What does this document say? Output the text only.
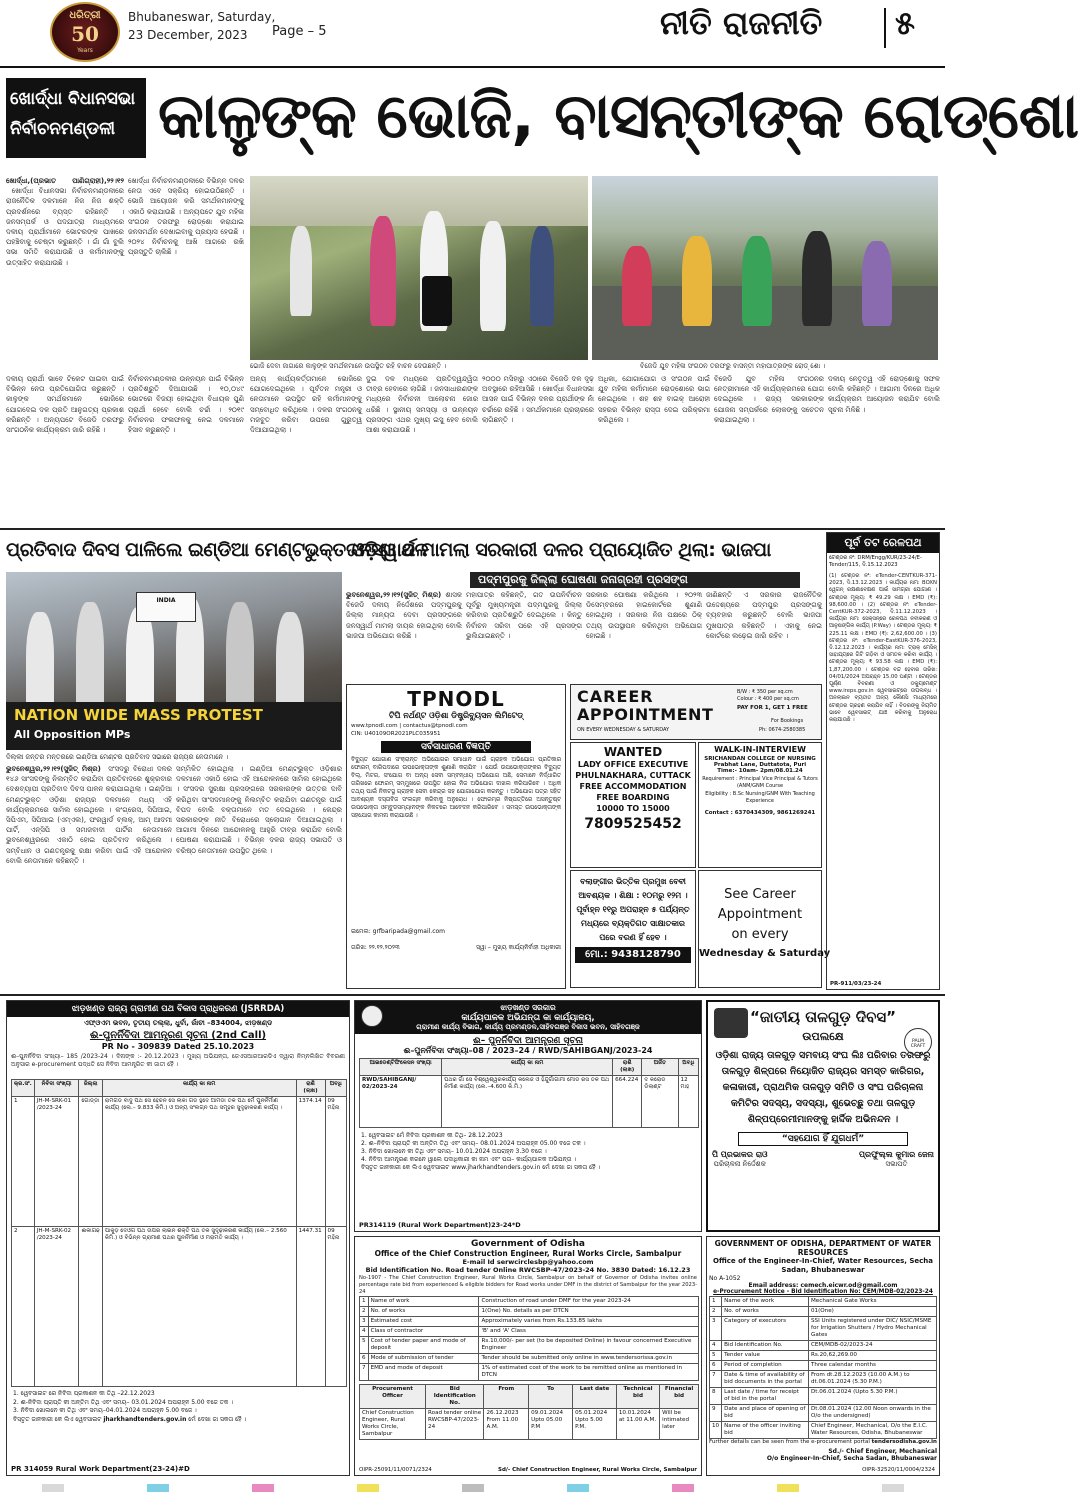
ଧରିତ୍ରୀ
50
Years
Bhubaneswar, Saturday,
23 December, 2023 Page – 5	ନୀତି ରାଜନୀତି	୫
ଖୋର୍ଦ୍ଧା ବିଧାନସଭା
ନିର୍ବାଚନମଣ୍ଡଳୀ କାଳୁଙ୍କ ଭୋଜି, ବାସନ୍ତୀଙ୍କ ରୋଡ୍‌ଶୋ
ଖୋର୍ଦ୍ଧା,(ପ୍ରଭାତ ପାଣିଗ୍ରାହୀ),୨୨।୧୨  ଖୋର୍ଦ୍ଧା ବିଧାନସଭା ନିର୍ବାଚନମଣ୍ଡଳୀରେ ରାଜନୈତିକ ଦଳମାନେ ନିଜ ନିଜ ଶକ୍ତି ପ୍ରଦର୍ଶନରେ ବ୍ୟସ୍ତ ରହିଛନ୍ତି । ଜନସମ୍ପର୍କ ଓ ପଦଯାତ୍ରା ମାଧ୍ୟମରେ ଦଳୀୟ ପ୍ରାର୍ଥୀମାନେ ଭୋଟରଙ୍କ ପାଖରେ ପହଞ୍ଚିବାକୁ ଚେଷ୍ଟା କରୁଛନ୍ତି । ଗାଁ ଗାଁ ବୁଲି ସଭା ସମିତି କରାଯାଉଛି ଓ କର୍ମୀମାନଙ୍କୁ ଉତ୍ସାହିତ କରାଯାଉଛି ।
ଖୋର୍ଦ୍ଧା ନିର୍ବାଚନମଣ୍ଡଳୀରେ ବିଭିନ୍ନ ଦଳର ନେତା ଏବେ ସକ୍ରିୟ ହୋଇଉଠିଛନ୍ତି । ଭୋଜି ଆୟୋଜନ କରି ସମର୍ଥକମାନଙ୍କୁ ଏକାଠି କରାଯାଉଛି । ଅନ୍ୟପଟେ ଯୁବ ମହିଳା ସଂଗଠନ ତରଫରୁ ରୋଡ୍‌ଶୋ କରାଯାଇ ଜନସମର୍ଥନ ଦେଖାଇବାକୁ ପ୍ରୟାସ ହେଉଛି । ୨୦୨୪ ନିର୍ବାଚନକୁ ଆଖି ଆଗରେ ରଖି ପ୍ରସ୍ତୁତି ଚାଲିଛି ।
ଭୋଜି ଦେବା ଜାଗାରେ କାଳୁଙ୍କ ସମର୍ଥକମାନେ ଉପସ୍ଥିତ ରହି ବାଚନ ଦେଉଛନ୍ତି ।	ବିଜେଡି ଯୁବ ମହିଳା ସଂଗଠନ ତରଫରୁ ବାସନ୍ତୀ ମହାପାତ୍ରଙ୍କ ରୋଡ୍ ଶୋ ।
ଦଳୀୟ ପ୍ରାର୍ଥୀ ଭାବେ ଟିକେଟ ପାଇବା ପାଇଁ ବିଭିନ୍ନ ନେତା ପ୍ରତିଯୋଗିତା କରୁଛନ୍ତି । କାଳୁଙ୍କ ସମର୍ଥକମାନେ ଭୋଜିରେ ଯୋଗଦେଇ ଦଳ ପ୍ରତି ଆନୁଗତ୍ୟ ପ୍ରକାଶ କରିଛନ୍ତି । ଅନ୍ୟପଟେ ବିଜେଡି ତରଫରୁ ସାଂଗଠନିକ କାର୍ଯ୍ୟକ୍ରମ ଜାରି ରହିଛି ।
ନିର୍ବାଚନମଣ୍ଡଳୀର ଉନ୍ନୟନ ପାଇଁ ବିଭିନ୍ନ ପ୍ରତିଶ୍ରୁତି ଦିଆଯାଉଛି । ୧୦,୦୪୯ ଭୋଟରେ ବିଜୟୀ ହୋଇଥିବା ବିଧାୟକ ପୁଣି ପ୍ରାର୍ଥୀ ହେବେ ବୋଲି ଚର୍ଚ୍ଚା । ୨୦୧୯ ନିର୍ବାଚନର ଫଳାଫଳକୁ ନେଇ ଦଳମାନେ ହିସାବ କରୁଛନ୍ତି ।
ଅନ୍ୟ କାର୍ଯ୍ୟକର୍ତ୍ତାମାନେ ଭୋଜିରେ ଯୋଗଦେଇଥିଲେ । ପୂର୍ବତନ ମନ୍ତ୍ରୀ ଓ ନେତାମାନେ ଉପସ୍ଥିତ ରହି କର୍ମୀମାନଙ୍କୁ ସମ୍ବୋଧିତ କରିଥିଲେ । ଦଳର ସଂଗଠନକୁ ମଜବୁତ କରିବା ଉପରେ ଗୁରୁତ୍ୱ ଦିଆଯାଇଥିଲା ।
ଦୁଇ ଦଳ ମଧ୍ୟରେ ପ୍ରତିଦ୍ୱନ୍ଦ୍ୱିତା ତୀବ୍ର ହେବାରେ ଲାଗିଛି । ଜନସାଧାରଣଙ୍କ ମଧ୍ୟରେ ନିର୍ବାଚନୀ ଆଲୋଚନା ଜୋର ଧରିଛି । ସ୍ଥାନୀୟ ସମସ୍ୟା ଓ ଉନ୍ନୟନ ପ୍ରସଙ୍ଗ ଏଥର ମୁଖ୍ୟ ଇସୁ ହେବ ବୋଲି ଆଶା କରାଯାଉଛି ।
୨୦୦୦ ମସିହାରୁ ଏଠାରେ ବିଜେଡି ଦଳ ଦୃଢ଼ ଅବସ୍ଥାରେ ରହିଆସିଛି । ଖୋର୍ଦ୍ଧା ବିଧାନସଭା ଆସନ ପାଇଁ ବିଭିନ୍ନ ଦଳର ପ୍ରାର୍ଥୀଙ୍କ ନାଁ ଚର୍ଚ୍ଚାରେ ରହିଛି । ସମର୍ଥକମାନେ ପ୍ରଚାରରେ ଲାଗିଛନ୍ତି ।
ଅଧିକା, ଯୋଗାଯୋଗ ଓ ସଂଗଠନ ପାଇଁ ଯୁବ ମହିଳା କର୍ମୀମାନେ ରୋଡ୍‌ଶୋରେ ଭାଗ ନେଇଥିଲେ । ଶହ ଶହ ବାଇକ୍ ଆରୋହୀ ସହରର ବିଭିନ୍ନ ରାସ୍ତା ଦେଇ ପରିକ୍ରମା କରିଥିଲେ ।
ବିଜେଡି ଯୁବ ମହିଳା ସଂଗଠନର ନେତ୍ରୀମାନେ ଏହି କାର୍ଯ୍ୟକ୍ରମରେ ଯୋଗ ଦେଇଥିଲେ । ରାଜ୍ୟ ସରକାରଙ୍କ ଯୋଜନା ସମ୍ପର୍କରେ ଲୋକଙ୍କୁ ସଚେତନ କରାଯାଇଥିଲା ।
ଦଳୀୟ ନେତୃତ୍ୱ ଏହି ରୋଡ୍‌ଶୋକୁ ସଫଳ ବୋଲି କହିଛନ୍ତି । ଆଗାମୀ ଦିନରେ ଅଧିକ କାର୍ଯ୍ୟକ୍ରମ ଆୟୋଜନ କରାଯିବ ବୋଲି ସୂଚନା ମିଳିଛି ।
ପ୍ରତିବାଦ ଦିବସ ପାଳିଲେ ଇଣ୍ଡିଆ ମେଣ୍ଟଭୁକ୍ତ ଓଡ଼ିଶା ଦଳ
INDIA
NATION WIDE MASS PROTEST
All Opposition MPs
ଦିଲ୍ଲୀ ଜନ୍ତର ମନ୍ତରରେ ଇଣ୍ଡିଆ ମେଣ୍ଟର ପ୍ରତିବାଦ ସଭାରେ ରାଜ୍ୟର ନେତାମାନେ ।
ଭୁବନେଶ୍ୱର,୨୨।୧୨(ସୁଜିତ୍ ମିଶ୍ର)  ସଂସଦରୁ ବିରୋଧୀ ଦଳର ୧୪୬ ସାଂସଦଙ୍କୁ ନିଲମ୍ବିତ କରାଯିବା ପ୍ରତିବାଦରେ ଶୁକ୍ରବାର ଦେଶବ୍ୟାପୀ ପ୍ରତିବାଦ ଦିବସ ପାଳନ କରାଯାଇଥିଲା । ଇଣ୍ଡିଆ ମେଣ୍ଟଭୁକ୍ତ ଓଡ଼ିଶା ରାଜ୍ୟର ଦଳମାନେ ମଧ୍ୟ ଏହି କାର୍ଯ୍ୟକ୍ରମରେ ସାମିଲ ହୋଇଥିଲେ । କଂଗ୍ରେସ, ସିପିଆଇ, ସିପିଏମ, ସିପିଆଇ (ଏମ୍ଏଲ), ଫରୱାର୍ଡ ବ୍ଲକ୍, ଆମ୍ ଆଦମୀ ପାର୍ଟି, ଏନ୍‌ସିପି ଓ ସମାଜବାଦୀ ପାର୍ଟିର ନେତାମାନେ ଭୁବନେଶ୍ୱରରେ ଏକାଠି ହୋଇ ପ୍ରତିବାଦ କରିଥିଲେ । ସମ୍ବିଧାନ ଓ ଗଣତନ୍ତ୍ରକୁ ରକ୍ଷା କରିବା ପାଇଁ ଏହି ଆନ୍ଦୋଳନ ବୋଲି ନେତାମାନେ କହିଛନ୍ତି ।
ସମ୍ମିଳିତ ହୋଇଥିଲା । ଇଣ୍ଡିଆ ମେଣ୍ଟଭୁକ୍ତ ଓଡ଼ିଶାର ଦଳମାନେ ଏକାଠି ହୋଇ ଏହି ଆନ୍ଦୋଳନରେ ସାମିଲ ହୋଇଥିଲେ । ସଂସଦର ସୁରକ୍ଷା ପ୍ରସଙ୍ଗରେ ସରକାରଙ୍କ ଉତ୍ତର ଦାବି କରିଥିବା ସାଂସଦମାନଙ୍କୁ ନିଲମ୍ବିତ କରାଯିବା ଗଣତନ୍ତ୍ର ପାଇଁ ବିପଦ ବୋଲି ବକ୍ତାମାନେ ମତ ଦେଇଥିଲେ । କେନ୍ଦ୍ର ସରକାରଙ୍କ ନୀତି ବିରୋଧରେ ସ୍ଲୋଗାନ ଦିଆଯାଇଥିଲା । ଆଗାମୀ ଦିନରେ ଆନ୍ଦୋଳନକୁ ଆହୁରି ତୀବ୍ର କରାଯିବ ବୋଲି ଘୋଷଣା କରାଯାଇଛି । ବିଭିନ୍ନ ଦଳର ରାଜ୍ୟ ସଭାପତି ଓ ବରିଷ୍ଠ ନେତାମାନେ ଉପସ୍ଥିତ ଥିଲେ ।
ଜନସ୍ୱାର୍ଥ ମାମଲା ସରକାରୀ ଦଳର ପ୍ରାୟୋଜିତ ଥିଲା: ଭାଜପା
ପଦ୍ମପୁରକୁ ଜିଲ୍ଲା ଘୋଷଣା ଜନାଗ୍ରହୀ ପ୍ରସଙ୍ଗ
ଭୁବନେଶ୍ୱର,୨୨।୧୨(ସୁଜିତ୍ ମିଶ୍ର) ଶାସକ ବିଜେଡି ଦଳୀୟ ନିର୍ଦ୍ଦେଶରେ ପଦ୍ମପୁରକୁ ଜିଲ୍ଲା ମାନ୍ୟତା ଦେବା ପ୍ରସଙ୍ଗରେ ଜନସ୍ୱାର୍ଥ ମାମଲା ଦାୟର ହୋଇଥିଲା ବୋଲି ଭାଜପା ଅଭିଯୋଗ କରିଛି ।
ମହାପାତ୍ର କହିଛନ୍ତି, ଗତ ଉପନିର୍ବାଚନ ପୂର୍ବରୁ ମୁଖ୍ୟମନ୍ତ୍ରୀ ପଦ୍ମପୁରକୁ ଜିଲ୍ଲା କରିବାର ପ୍ରତିଶ୍ରୁତି ଦେଇଥିଲେ । କିନ୍ତୁ ନିର୍ବାଚନ ସରିବା ପରେ ଏହି ପ୍ରସଙ୍ଗ ଭୁଲିଯାଇଛନ୍ତି ।
ସରକାର ଘୋଷଣା କରିଥିଲେ । ୨୦୨୩ ଡିସେମ୍ବରରେ ହାଇକୋର୍ଟରେ ଶୁଣାଣି ହୋଇଥିଲା । ସରକାର ନିଜ ପକ୍ଷରେ ଠିକ୍ ତଥ୍ୟ ଉପସ୍ଥାପନ କରିନଥିବା ଅଭିଯୋଗ ହୋଇଛି ।
ଜାଣିଛନ୍ତି ଏ ସରକାର ରାଜନୈତିକ ଉଦ୍ଦେଶ୍ୟରେ ପଦ୍ମପୁର ପ୍ରସଙ୍ଗକୁ ବ୍ୟବହାର କରୁଛନ୍ତି ବୋଲି ଭାଜପା ମୁଖପାତ୍ର କହିଛନ୍ତି । ଏହାକୁ ନେଇ କୋର୍ଟରେ ଲଢ଼େଇ ଜାରି ରହିବ ।
TPNODL
ଟିପି ନର୍ଥଣ୍ଟ ଓଡ଼ିଶା ଡିଷ୍ଟ୍ରିବ୍ୟୁସନ ଲିମିଟେଡ୍
www.tpnodl.com | contactus@tpnodl.com
CIN: U40109OR2021PLC035951
ସର୍ବସାଧାରଣ ବିଜ୍ଞପ୍ତି
ବିଦ୍ୟୁତ ଯୋଗାଣ ସଂକ୍ରାନ୍ତ ଅଭିଯୋଗର ସମାଧାନ ପାଇଁ ଗ୍ରାହକ ଅଭିଯୋଗ ପ୍ରତିକାର ଫୋରମ୍ ବାରିପଦାରେ ଉପଭୋକ୍ତାଙ୍କ ଶୁଣାଣି କରାଯିବ । ଯେଉଁ ଉପଭୋକ୍ତାଙ୍କର ବିଦ୍ୟୁତ ବିଲ୍, ମିଟର, ସଂଯୋଗ ବା ଅନ୍ୟ ସେବା ସମ୍ବନ୍ଧୀୟ ଅଭିଯୋଗ ଅଛି, ସେମାନେ ନିର୍ଦ୍ଧାରିତ ତାରିଖରେ ଫୋରମ୍ ସମ୍ମୁଖରେ ଉପସ୍ଥିତ ହୋଇ ନିଜ ଅଭିଯୋଗ ଦାଖଲ କରିପାରିବେ । ଅଧିକ ତଥ୍ୟ ପାଇଁ ନିକଟସ୍ଥ ଗ୍ରାହକ ସେବା କେନ୍ଦ୍ର ସହ ଯୋଗାଯୋଗ କରନ୍ତୁ । ଅଭିଯୋଗ ପତ୍ର ସହିତ ଆବଶ୍ୟକ ଦସ୍ତାବିଜ ସଂଲଗ୍ନ କରିବାକୁ ଅନୁରୋଧ । ଫୋରମ୍‌ର ନିଷ୍ପତ୍ତିରେ ଅସନ୍ତୁଷ୍ଟ ଉପଭୋକ୍ତା ଓମ୍ବୁଡସମ୍ୟାନଙ୍କ ନିକଟରେ ଆବେଦନ କରିପାରିବେ । ସମସ୍ତ ଉପଭୋକ୍ତାଙ୍କ ସହଯୋଗ କାମନା କରାଯାଉଛି ।
ଇମେଲ: grfbaripada@gmail.com
ତାରିଖ: ୨୨.୧୨.୨୦୨୩	ସ୍ୱା – ମୁଖ୍ୟ କାର୍ଯ୍ୟନିର୍ବାହୀ ଅଧିକାରୀ
CAREER
APPOINTMENT
ON EVERY WEDNESDAY & SATURDAY
B/W : ₹ 350 per sq.cm
Colour : ₹ 400 per sq.cm
PAY FOR 1, GET 1 FREE
For Bookings
Ph: 0674-2580385
WANTED
LADY OFFICE EXECUTIVE
PHULNAKHARA, CUTTACK
FREE ACCOMMODATION
FREE BOARDING
10000 TO 15000
7809525452
WALK-IN-INTERVIEW
SRICHANDAN COLLEGE OF NURSING
Prabhat Lane, Duttatota, Puri
Time:- 10am- 2pm/08.01.24
Requirement : Principal Vice Principal & Tutors (ANM/GNM Course
Eligibility : B.Sc Nursing/GNM With Teaching Experience
Contact : 6370434309, 9861269241
ବଲାଙ୍ଗୀର ଭିତ୍ତିକ ପ୍ରମୁଖ ବେବୀ
ଆବଶ୍ୟକ । ଶିକ୍ଷା : ୧୦ମରୁ ୧୨ମ ।
ପୂର୍ବାହ୍ନ ୧୧ରୁ ଅପରାହ୍ନ ୫ ପର୍ଯ୍ୟନ୍ତ
ମଧ୍ୟରେ ବ୍ୟକ୍ତିଗତ ସାକ୍ଷାତକାର
ପରେ ବରଣ ହିଁ ହେବ ।
ମୋ.: 9438128790
See Career
Appointment
on every
Wednesday & Saturday
ପୂର୍ବ ତଟ ରେଳପଥ
ଟେଣ୍ଡର ନଂ: DRM/Engg/KUR/23-24/E-Tender/115, ଦି.15.12.2023
(1) ଟେଣ୍ଡର ନଂ: eTender-CENTKUR-371-2023, ଦି.13.12.2023 । କାର୍ଯ୍ୟର ନାମ: BOXN ୱେଗନ୍ ରକ୍ଷଣାବେକ୍ଷଣ ପାଇଁ ସାମଗ୍ରୀ ଯୋଗାଣ । ଟେଣ୍ଡର ମୂଲ୍ୟ: ₹ 49.29 ଲକ୍ଷ । EMD (₹): 98,600.00 । (2) ଟେଣ୍ଡର ନଂ: eTender-CentKUR-372-2023, ଦି.11.12.2023 । କାର୍ଯ୍ୟର ନାମ: ସେକ୍ସନ୍‌ରେ ରେଳପଥ ନବୀକରଣ ଓ ଆନୁଷଙ୍ଗିକ କାର୍ଯ୍ୟ (P.Way) । ଟେଣ୍ଡର ମୂଲ୍ୟ: ₹ 225.11 ଲକ୍ଷ । EMD (₹): 2,62,600.00 । (3) ଟେଣ୍ଡର ନଂ: eTender-EastKUR-376-2023, ଦି.12.12.2023 । କାର୍ଯ୍ୟର ନାମ: ଟ୍ରାକ୍ ମେସିନ୍ ସାହାଯ୍ୟରେ ଗିଟି ଗଡ଼ିବା ଓ ସମତଳ କରିବା କାର୍ଯ୍ୟ । ଟେଣ୍ଡର ମୂଲ୍ୟ: ₹ 93.58 ଲକ୍ଷ । EMD (₹): 1,87,200.00 । ଟେଣ୍ଡର ବନ୍ଦ ହେବାର ତାରିଖ: 04/01/2024 ଅପରାହ୍ନ 15.00 ଘଣ୍ଟା । ଟେଣ୍ଡର ପୂର୍ଣ୍ଣ ବିବରଣୀ ଓ ଡକ୍ୟୁମେଣ୍ଟ www.ireps.gov.in ୱେବସାଇଟ୍‌ରେ ଉପଲବ୍ଧ । ଅନଲାଇନ ବ୍ୟତୀତ ଅନ୍ୟ କୌଣସି ମାଧ୍ୟମରେ ଟେଣ୍ଡର ଗ୍ରହଣ କରାଯିବ ନାହିଁ । ବିଡରଙ୍କୁ ନିୟମିତ ଭାବେ ୱେବସାଇଟ୍ ଯାଞ୍ଚ କରିବାକୁ ଅନୁରୋଧ କରାଯାଉଛି ।
PR-911/03/23-24
ଝାଡ଼ଖଣ୍ଡ ରାଜ୍ୟ ଗ୍ରାମୀଣ ପଥ ବିକାସ ପ୍ରାଧିକରଣ (JSRRDA)
ଏଫ୍ଓଏମ ଭବନ, ତୃତୀୟ ତଲ୍ଲା, ଧୁର୍ବା, ରାଁଚୀ –834004, ଝାଡ଼ଖଣ୍ଡ
ଈ-ପୁନର୍ନିବିଦା ଆମନ୍ତ୍ରଣ ସୂଚନା (2nd Call)
PR No - 309839 Dated 25.10.2023
ଈ–ପୁନର୍ନିବିଦା ସଂଖ୍ୟା– 185 /2023-24 । ଦିନାଙ୍କ :- 20.12.2023 । ମୁଖ୍ୟ ଅଭିଯନ୍ତା, ଜେଏସଆରଆରଡିଏ ଦ୍ୱାରା ନିମ୍ନଲିଖିତ ବିବରଣୀ ଅନୁସାର e-procurement ପଦ୍ଧତି ସେ ନିବିଦା ଆମନ୍ତ୍ରିତ କୀ ଜାତୀ ହୈ ।
କ୍ର.ସଂ.	ନିବିଦା ସଂଖ୍ୟା	ଜିଲ୍ଲା	କାର୍ଯ୍ୟ କା ନାମ	ରାଶି (ଲାଖ)	ଅବଧି
1	JH-M-SRK-01 /2023-24	ଗୋଡ୍ଡା	ରାମଗଡ ବାଦୁ ପଥ ସେ ହେଚନ ସେ ଲାକା ଗଡ ହୁଦେ ଆମଡା ତକ ପଥ ମେଁ ପୁନର୍ନିର୍ମାଣ କାର୍ଯ୍ୟ (ଲେ.– 9.833 କିମି.) ଓ ଅନ୍ୟ ସଂଲଗ୍ନ ପଥ ସମୂହର ସୁଦୃଢ଼ୀକରଣ କାର୍ଯ୍ୟ ।	1374.14	09 ମହିନା
2	JH-M-SRK-02 /2023-24	ଈକାଗଢ	ପାକୁଡ଼ ଦେଓଗ ପଥ ଉପର ଲାଇନ ଶକ୍ତି ପଥ ତକ ସୁଦୃଢ଼ୀକରଣ କାର୍ଯ୍ୟ (ଲେ.– 2.560 କିମି.) ଓ ବିଭିନ୍ନ ଗ୍ରାମୀଣ ପଥର ପୁନର୍ନିର୍ମାଣ ଓ ମରାମତି କାର୍ଯ୍ୟ ।	1447.31	09 ମହିନା
1. ୱେବସାଇଟ ରେ ନିବିଦା ପ୍ରକାଶନ କୀ ତିଥି –22.12.2023
2. ଈ-ନିବିଦା ପ୍ରାପ୍ତି କୀ ଅନ୍ତିମ ତିଥି ଏବଂ ସମୟ– 03.01.2024 ଅପରାହ୍ନ 5.00 ବଜେ ତକ ।
3. ନିବିଦା ଖୋଲନେ କୀ ତିଥି ଏବଂ ସମୟ–04.01.2024 ଅପରାହ୍ନ 5.00 ବଜେ ।
ବିସ୍ତୃତ ଜାନକାରୀ କେ ଲିଏ ୱେବସାଇଟ jharkhandtenders.gov.in ମେଁ ଦେଖା ଜା ସକତା ହୈ ।
PR 314059 Rural Work Department(23-24)#D
ଝାଡ଼ଖଣ୍ଡ ସରକାର
କାର୍ଯ୍ୟପାଳକ ଅଭିଯନ୍ତା କା କାର୍ଯ୍ୟାଳୟ,
ଗ୍ରାମୀଣ କାର୍ଯ୍ୟ ବିଭାଗ, କାର୍ଯ୍ୟ ପ୍ରମଣ୍ଡଳ,ସାହିବଗଞ୍ଜ ବିକାସ ଭବନ, ସାହିବଗଞ୍ଜ
ଈ– ପୁନର୍ନିବିଦା ଆମନ୍ତ୍ରଣ ସୂଚନା
ଈ–ପୁନର୍ନିବିଦା ସଂଖ୍ୟା–08 / 2023–24 / RWD/SAHIBGANJ/2023-24
ଆଇଡେଣ୍ଟିଫିକେସନ ସଂଖ୍ୟା	କାର୍ଯ୍ୟ କା ନାମ	ରାଶି (ଲାଖ)	ଅର୍ଜିତ	ଅବଧି
RWD/SAHIBGANJ/ 02/2023-24	ପଥର ଗାଁ ସେ ବିଶ୍ୱେଶ୍ୱରକାର୍ଯ୍ୟ କଲେଜ ଓ ହିନ୍ଦୁଗାଁଗାମୀ ମୋଡ ରସ ତକ ପଥ ନିର୍ମାଣ କାର୍ଯ୍ୟ (ଲେ.–4.600 କି.ମି.)	664.224	ଦ କରୋଡ ଡିଲାଣ୍ଟ	12 ମାହ
1. ୱେବସାଇଟ ମେଁ ନିବିଦା ପ୍ରକାଶନ କୀ ତିଥି– 28.12.2023
2. ଈ–ନିବିଦା ପ୍ରାପ୍ତି କୀ ଅନ୍ତିମ ତିଥି ଏବଂ ସମୟ– 08.01.2024 ଅପରାହ୍ନ 05.00 ବଜେ ତକ ।
3. ନିବିଦା ଖୋଲନେ କୀ ତିଥି ଏବଂ ସମୟ– 10.01.2024 ଅପରାହ୍ନ 3.30 ବଜେ ।
4. ନିବିଦା ଆମନ୍ତ୍ରଣ କରନେ ୱାଲେ ପଦାଧିକାରୀ କା ନାମ ଏବଂ ପତା– କାର୍ଯ୍ୟପାଳକ ଅଭିଯନ୍ତା ।
ବିସ୍ତୃତ ଜାନକାରୀ କେ ଲିଏ ୱେବସାଇଟ www.jharkhandtenders.gov.in ମେଁ ଦେଖା ଜା ସକତା ହୈ ।
PR314119 (Rural Work Department)23-24*D
PALM CRAFT
“ଜାତୀୟ ତାଳଗୁଡ଼ ଦିବସ”
ଉପଲକ୍ଷେ
ଓଡ଼ିଶା ରାଜ୍ୟ ତାଳଗୁଡ଼ ସମବାୟ ସଂଘ ଲିଃ ପରିବାର ତରଫରୁ ତାଳଗୁଡ଼ ଶିଳ୍ପରେ ନିୟୋଜିତ ରାଜ୍ୟର ସମସ୍ତ କାରିଗର, କଳାକାରୀ, ପ୍ରାଥମିକ ତାଳଗୁଡ଼ ସମିତି ଓ ସଂଘ ପରିଚାଳନା କମିଟିର ସଦସ୍ୟ, ସଦସ୍ୟା, ଶୁଭେଚ୍ଛୁ ତଥା ତାଳଗୁଡ଼ ଶିଳ୍ପପ୍ରେମୀମାନଙ୍କୁ ହାର୍ଦ୍ଦିକ ଅଭିନନ୍ଦନ ।
“ସହଯୋଗ ହିଁ ଯୁଗଧର୍ମ”
ପି ପ୍ରଭାକର ରାଓ
ପରିଚାଳନା ନିର୍ଦ୍ଦେଶକ
ପ୍ରଫୁଲ୍ଲ କୁମାର ଜେନା
ସଭାପତି
Government of Odisha
Office of the Chief Construction Engineer, Rural Works Circle, Sambalpur
E-mail Id serwcirclesbp@yahoo.com
Bid Identification No. Road tender Online RWCSBP-47/2023-24 No. 3830 Dated: 16.12.23
No-1907 - The Chief Construction Engineer, Rural Works Circle, Sambalpur on behalf of Governor of Odisha invites online percentage rate bid from experienced & eligible bidders for Road works under DMF in the district of Sambalpur for the year 2023-24
1	Name of work	Construction of road under DMF for the year 2023-24
2	No. of works	1(One) No. details as per DTCN
3	Estimated cost	Approximately varies from Rs.133.85 lakhs
4	Class of contractor	'B' and 'A' Class
5	Cost of tender paper and mode of deposit	Rs.10,000/- per set (to be deposited Online) in favour concerned Executive Engineer
6	Mode of submission of tender	Tender should be submitted only online in www.tendersorissa.gov.in
7	EMD and mode of deposit	1% of estimated cost of the work to be remitted online as mentioned in DTCN
Procurement Officer	Bid Identification No.	From	To	Last date	Technical bid	Financial bid
Chief Construction Engineer, Rural Works Circle, Sambalpur	Road tender online RWCSBP-47/2023-24	26.12.2023 From 11.00 A.M.	09.01.2024 Upto 05.00 P.M	05.01.2024 Upto 5.00 P.M.	10.01.2024 at 11.00 A.M.	Will be intimated later
OIPR-25091/11/0071/2324	Sd/- Chief Construction Engineer, Rural Works Circle, Sambalpur
GOVERNMENT OF ODISHA, DEPARTMENT OF WATER RESOURCES
Office of the Engineer-In-Chief, Water Resources, Secha Sadan, Bhubaneswar
No A-1052
Email address: cemech.eicwr.od@gmail.com
e-Procurement Notice - Bid Identification No: CEM/MDB-02/2023-24
1	Name of the work	Mechanical Gate Works
2	No. of works	01(One)
3	Category of executors	SSI Units registered under DIC/ NSIC/MSME for Irrigation Shutters / Hydro Mechanical Gates
4	Bid Identification No.	CEM/MDB-02/2023-24
5	Tender value	Rs.20,62,269.00
6	Period of completion	Three calendar months
7	Date & time of availability of bid documents in the portal	From dt.28.12.2023 (10.00 A.M.) to dt.06.01.2024 (5.30 P.M.)
8	Last date / time for receipt of bid in the portal	Dt.06.01.2024 (Upto 5.30 P.M.)
9	Date and place of opening of bid	Dt.08.01.2024 (12.00 Noon onwards in the O/o the undersigned)
10	Name of the officer inviting bid	Chief Engineer, Mechanical, O/o the E.I.C. Water Resources, Odisha, Bhubaneswar
Further details can be seen from the e-procurement portal tendersodisha.gov.in
Sd./- Chief Engineer, Mechanical
O/o Engineer-In-Chief, Secha Sadan, Bhubaneswar
OIPR-32520/11/0004/2324
